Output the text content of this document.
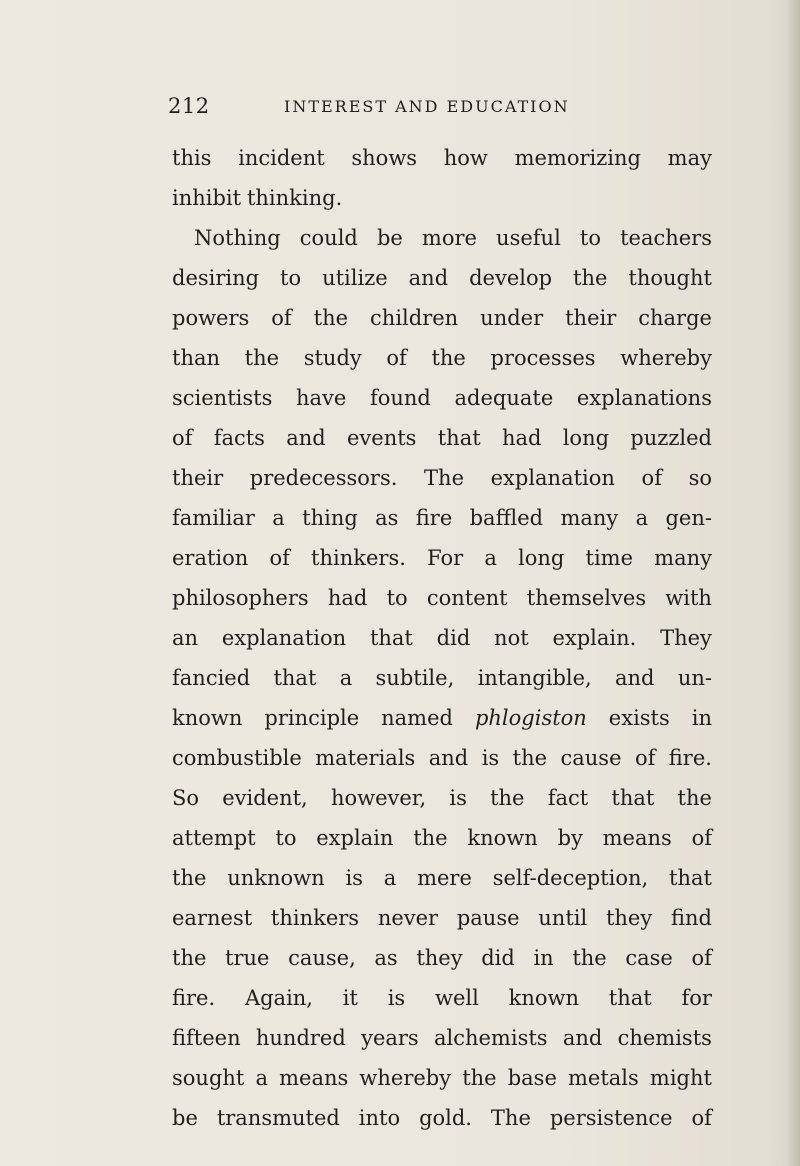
212	INTEREST AND EDUCATION
this incident shows how memorizing may
inhibit thinking.
Nothing could be more useful to teachers
desiring to utilize and develop the thought
powers of the children under their charge
than the study of the processes whereby
scientists have found adequate explanations
of facts and events that had long puzzled
their predecessors. The explanation of so
familiar a thing as fire baffled many a gen-
eration of thinkers. For a long time many
philosophers had to content themselves with
an explanation that did not explain. They
fancied that a subtile, intangible, and un-
known principle named phlogiston exists in
combustible materials and is the cause of fire.
So evident, however, is the fact that the
attempt to explain the known by means of
the unknown is a mere self-deception, that
earnest thinkers never pause until they find
the true cause, as they did in the case of
fire. Again, it is well known that for
fifteen hundred years alchemists and chemists
sought a means whereby the base metals might
be transmuted into gold. The persistence of
